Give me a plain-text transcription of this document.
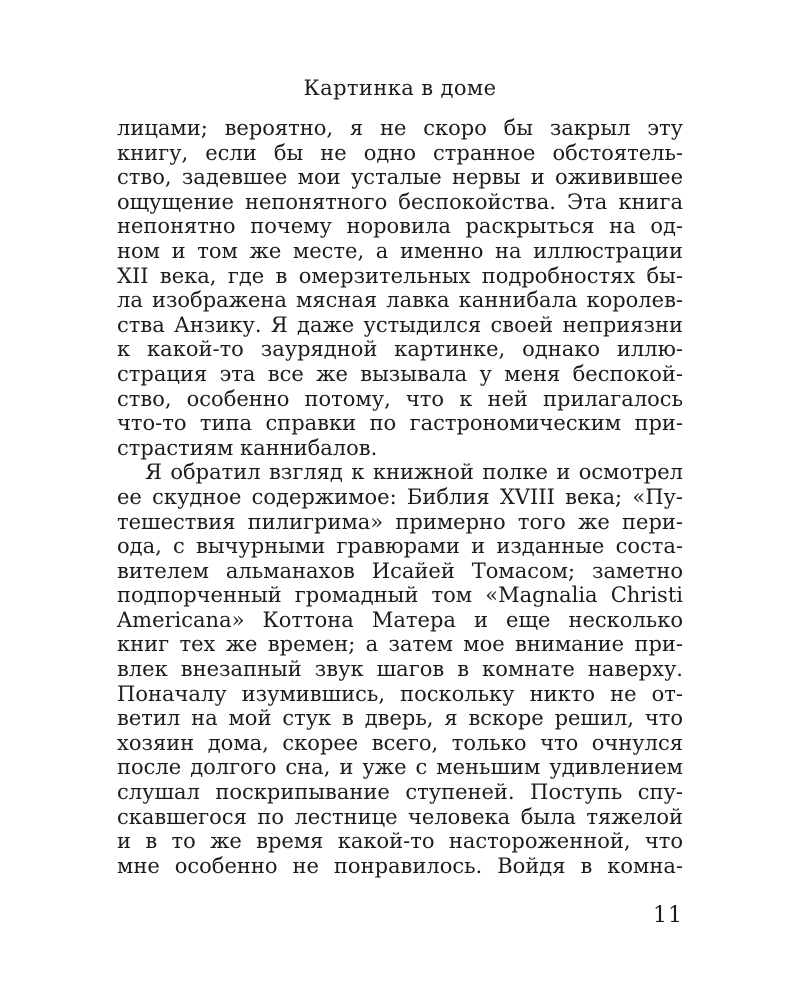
Картинка в доме
лицами; вероятно, я не скоро бы закрыл эту
книгу, если бы не одно странное обстоятель-
ство, задевшее мои усталые нервы и оживившее
ощущение непонятного беспокойства. Эта книга
непонятно почему норовила раскрыться на од-
ном и том же месте, а именно на иллюстрации
XII века, где в омерзительных подробностях бы-
ла изображена мясная лавка каннибала королев-
ства Анзику. Я даже устыдился своей неприязни
к какой-то заурядной картинке, однако иллю-
страция эта все же вызывала у меня беспокой-
ство, особенно потому, что к ней прилагалось
что-то типа справки по гастрономическим при-
страстиям каннибалов.
Я обратил взгляд к книжной полке и осмотрел
ее скудное содержимое: Библия XVIII века; «Пу-
тешествия пилигрима» примерно того же пери-
ода, с вычурными гравюрами и изданные соста-
вителем альманахов Исайей Томасом; заметно
подпорченный громадный том «Magnalia Christi
Americana» Коттона Матера и еще несколько
книг тех же времен; а затем мое внимание при-
влек внезапный звук шагов в комнате наверху.
Поначалу изумившись, поскольку никто не от-
ветил на мой стук в дверь, я вскоре решил, что
хозяин дома, скорее всего, только что очнулся
после долгого сна, и уже с меньшим удивлением
слушал поскрипывание ступеней. Поступь спу-
скавшегося по лестнице человека была тяжелой
и в то же время какой-то настороженной, что
мне особенно не понравилось. Войдя в комна-
11
